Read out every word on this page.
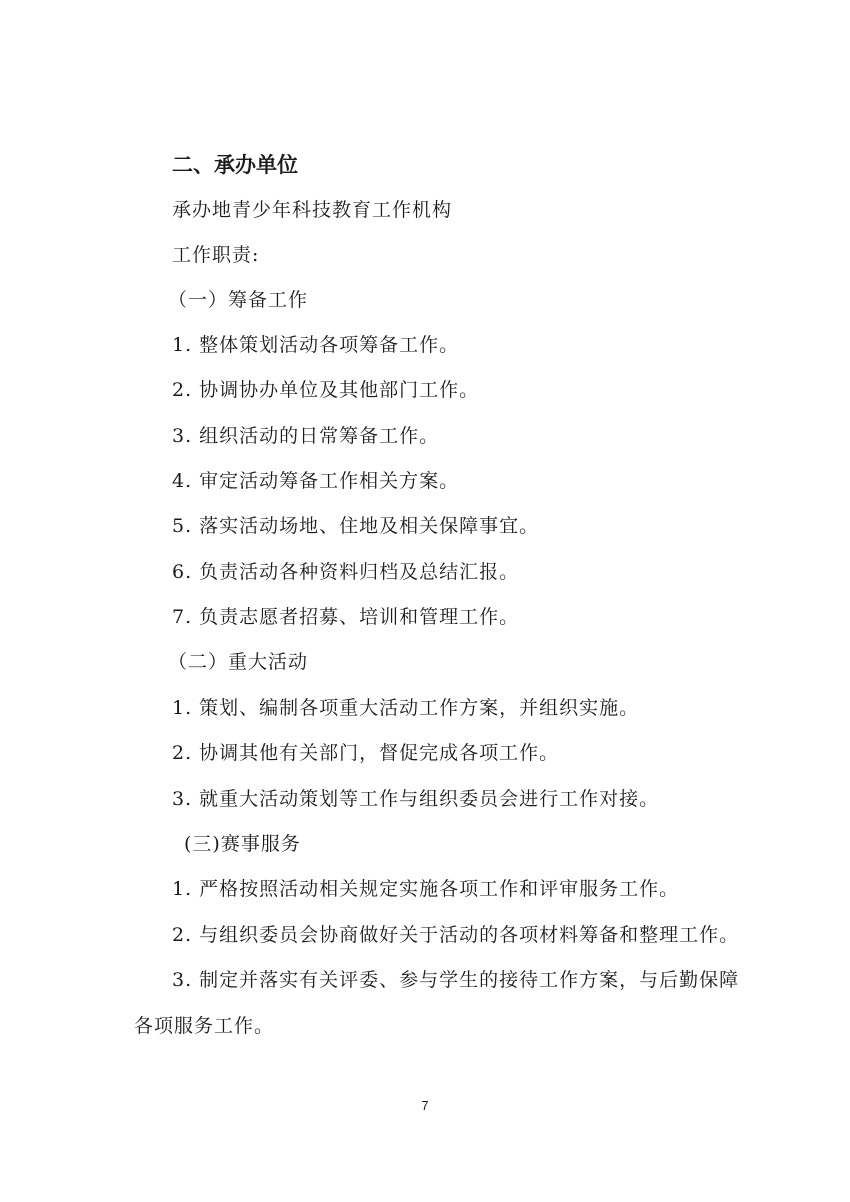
二、承办单位
承办地青少年科技教育工作机构
工作职责:
（一）筹备工作
1. 整体策划活动各项筹备工作。
2. 协调协办单位及其他部门工作。
3. 组织活动的日常筹备工作。
4. 审定活动筹备工作相关方案。
5. 落实活动场地、住地及相关保障事宜。
6. 负责活动各种资料归档及总结汇报。
7. 负责志愿者招募、培训和管理工作。
（二）重大活动
1. 策划、编制各项重大活动工作方案，并组织实施。
2. 协调其他有关部门，督促完成各项工作。
3. 就重大活动策划等工作与组织委员会进行工作对接。
(三)赛事服务
1. 严格按照活动相关规定实施各项工作和评审服务工作。
2. 与组织委员会协商做好关于活动的各项材料筹备和整理工作。
3. 制定并落实有关评委、参与学生的接待工作方案，与后勤保障
各项服务工作。
7
